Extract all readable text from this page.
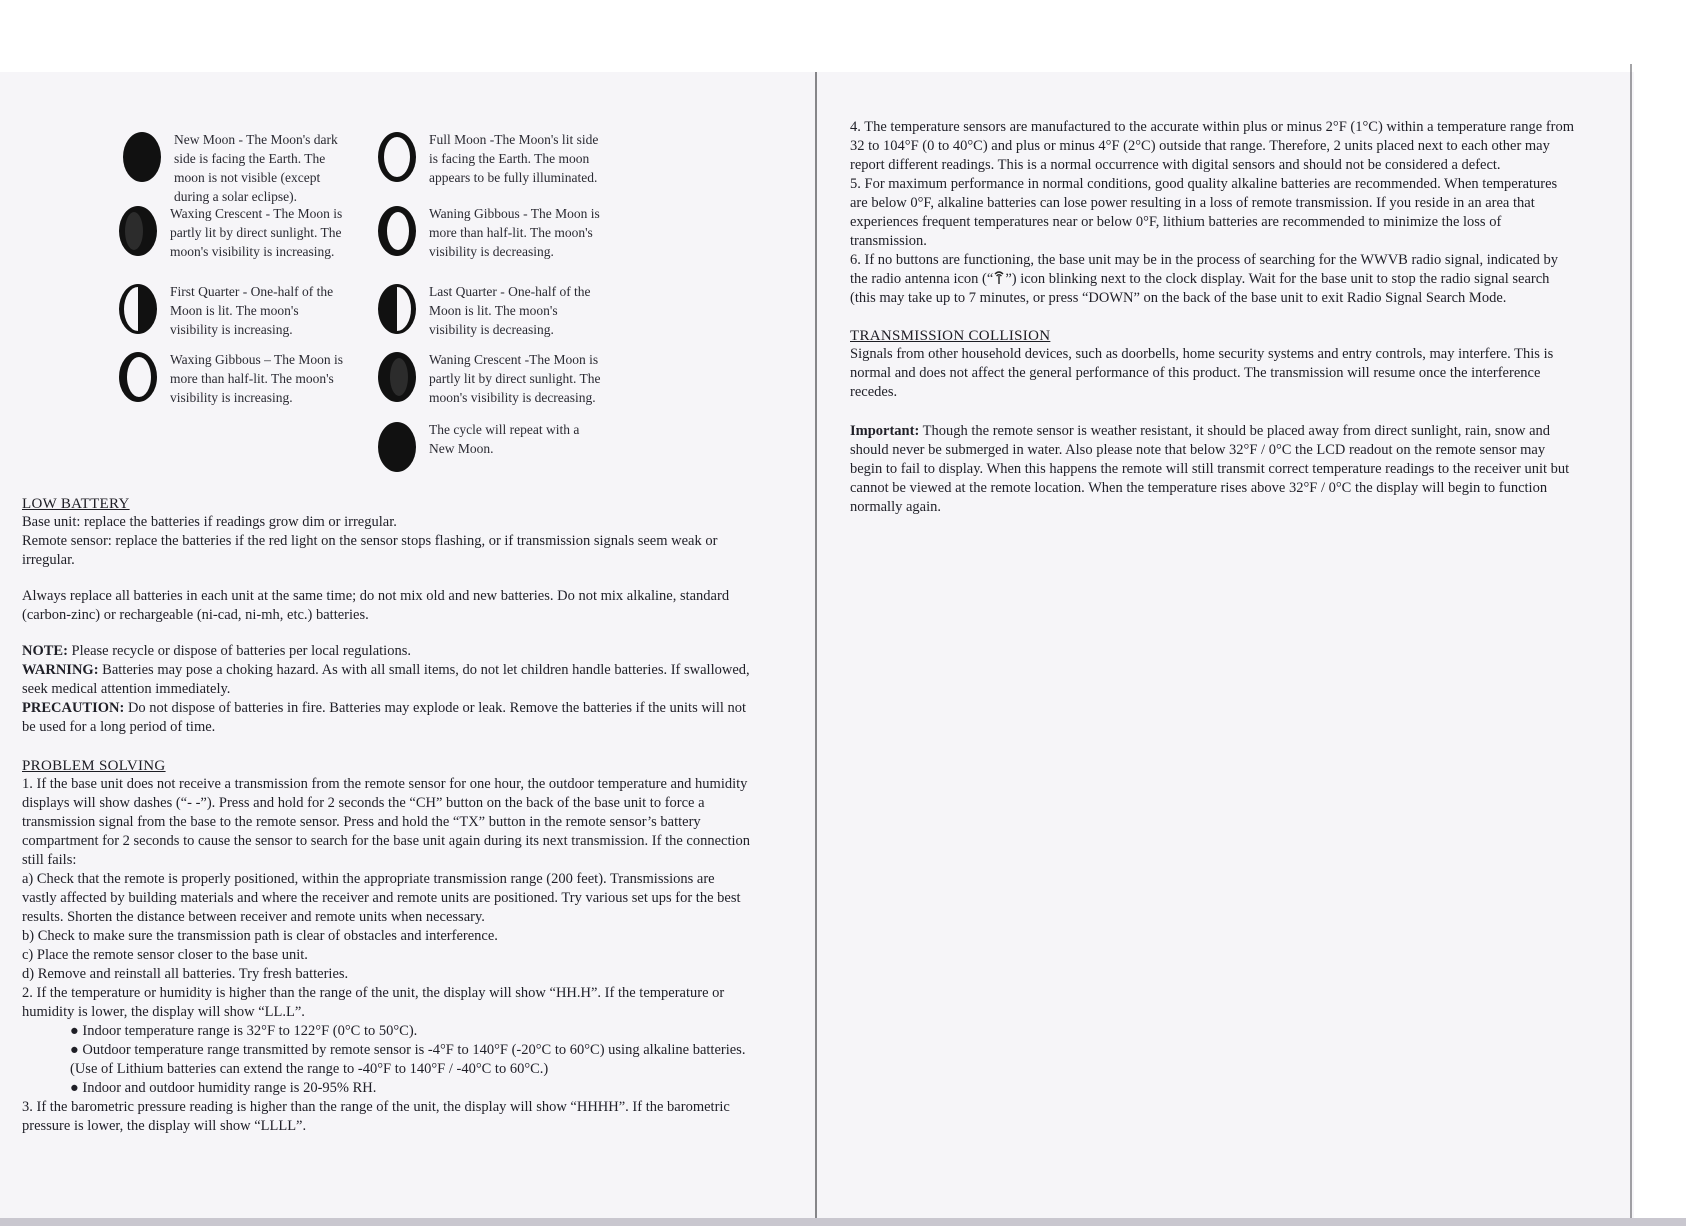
New Moon - The Moon's dark side is facing the Earth. The moon is not visible (except during a solar eclipse).
Waxing Crescent - The Moon is partly lit by direct sunlight. The moon's visibility is increasing.
First Quarter - One-half of the Moon is lit. The moon's visibility is increasing.
Waxing Gibbous – The Moon is more than half-lit. The moon's visibility is increasing.
Full Moon -The Moon's lit side is facing the Earth. The moon appears to be fully illuminated.
Waning Gibbous - The Moon is more than half-lit. The moon's visibility is decreasing.
Last Quarter - One-half of the Moon is lit. The moon's visibility is decreasing.
Waning Crescent -The Moon is partly lit by direct sunlight. The moon's visibility is decreasing.
The cycle will repeat with a New Moon.

LOW BATTERY

Base unit: replace the batteries if readings grow dim or irregular.

Remote sensor: replace the batteries if the red light on the sensor stops flashing, or if transmission signals seem weak or irregular.

Always replace all batteries in each unit at the same time; do not mix old and new batteries. Do not mix alkaline, standard (carbon-zinc) or rechargeable (ni-cad, ni-mh, etc.) batteries.

NOTE: Please recycle or dispose of batteries per local regulations.

WARNING: Batteries may pose a choking hazard. As with all small items, do not let children handle batteries. If swallowed, seek medical attention immediately.

PRECAUTION: Do not dispose of batteries in fire. Batteries may explode or leak. Remove the batteries if the units will not be used for a long period of time.

PROBLEM SOLVING

1. If the base unit does not receive a transmission from the remote sensor for one hour, the outdoor temperature and humidity displays will show dashes (“- -”). Press and hold for 2 seconds the “CH” button on the back of the base unit to force a transmission signal from the base to the remote sensor. Press and hold the “TX” button in the remote sensor’s battery compartment for 2 seconds to cause the sensor to search for the base unit again during its next transmission. If the connection still fails:

a) Check that the remote is properly positioned, within the appropriate transmission range (200 feet). Transmissions are vastly affected by building materials and where the receiver and remote units are positioned. Try various set ups for the best results. Shorten the distance between receiver and remote units when necessary.

b) Check to make sure the transmission path is clear of obstacles and interference.

c) Place the remote sensor closer to the base unit.

d) Remove and reinstall all batteries. Try fresh batteries.

2. If the temperature or humidity is higher than the range of the unit, the display will show “HH.H”. If the temperature or humidity is lower, the display will show “LL.L”.

● Indoor temperature range is 32°F to 122°F (0°C to 50°C).

● Outdoor temperature range transmitted by remote sensor is -4°F to 140°F (-20°C to 60°C) using alkaline batteries. (Use of Lithium batteries can extend the range to -40°F to 140°F / -40°C to 60°C.)

● Indoor and outdoor humidity range is 20-95% RH.

3. If the barometric pressure reading is higher than the range of the unit, the display will show “HHHH”. If the barometric pressure is lower, the display will show “LLLL”.

4. The temperature sensors are manufactured to the accurate within plus or minus 2°F (1°C) within a temperature range from 32 to 104°F (0 to 40°C) and plus or minus 4°F (2°C) outside that range. Therefore, 2 units placed next to each other may report different readings. This is a normal occurrence with digital sensors and should not be considered a defect.

5. For maximum performance in normal conditions, good quality alkaline batteries are recommended. When temperatures are below 0°F, alkaline batteries can lose power resulting in a loss of remote transmission. If you reside in an area that experiences frequent temperatures near or below 0°F, lithium batteries are recommended to minimize the loss of transmission.

6. If no buttons are functioning, the base unit may be in the process of searching for the WWVB radio signal, indicated by the radio antenna icon (“ ”) icon blinking next to the clock display. Wait for the base unit to stop the radio signal search (this may take up to 7 minutes, or press “DOWN” on the back of the base unit to exit Radio Signal Search Mode.

TRANSMISSION COLLISION

Signals from other household devices, such as doorbells, home security systems and entry controls, may interfere. This is normal and does not affect the general performance of this product. The transmission will resume once the interference recedes.

Important: Though the remote sensor is weather resistant, it should be placed away from direct sunlight, rain, snow and should never be submerged in water. Also please note that below 32°F / 0°C the LCD readout on the remote sensor may begin to fail to display. When this happens the remote will still transmit correct temperature readings to the receiver unit but cannot be viewed at the remote location. When the temperature rises above 32°F / 0°C the display will begin to function normally again.
